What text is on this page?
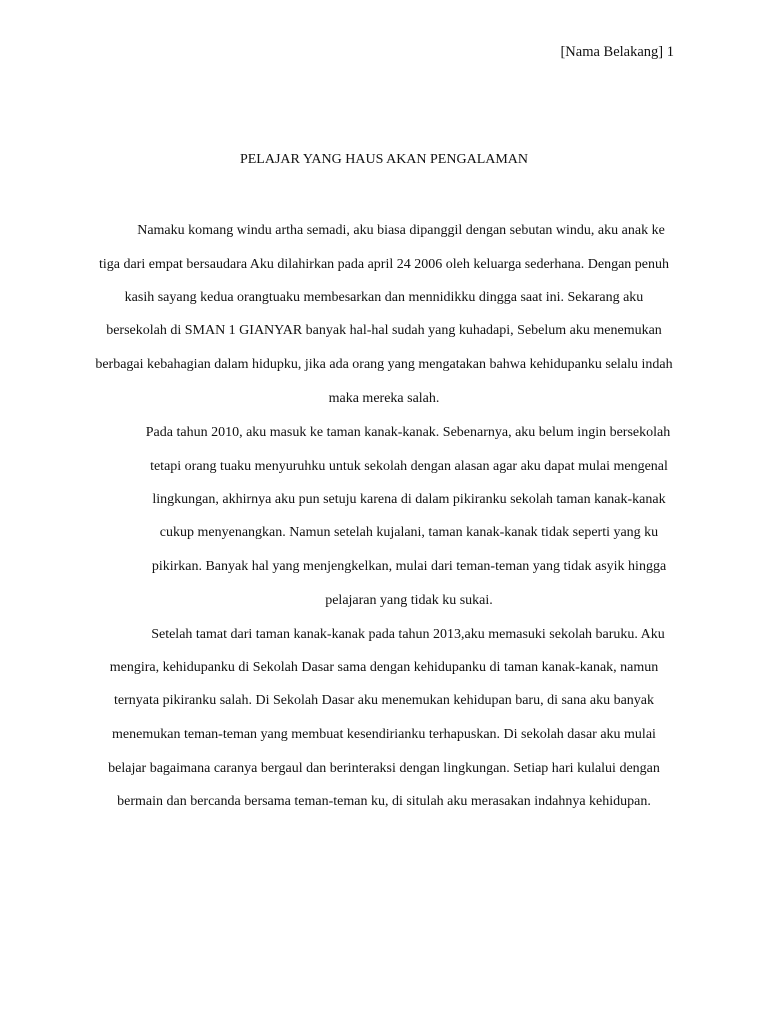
[Nama Belakang] 1
PELAJAR YANG HAUS AKAN PENGALAMAN
Namaku komang windu artha semadi, aku biasa dipanggil dengan sebutan windu, aku anak ke
tiga dari empat bersaudara Aku dilahirkan pada april 24 2006 oleh keluarga sederhana. Dengan penuh
kasih sayang kedua orangtuaku membesarkan dan mennidikku dingga saat ini. Sekarang aku
bersekolah di SMAN 1 GIANYAR banyak hal-hal sudah yang kuhadapi, Sebelum aku menemukan
berbagai kebahagian dalam hidupku, jika ada orang yang mengatakan bahwa kehidupanku selalu indah
maka mereka salah.
Pada tahun 2010, aku masuk ke taman kanak-kanak. Sebenarnya, aku belum ingin bersekolah
tetapi orang tuaku menyuruhku untuk sekolah dengan alasan agar aku dapat mulai mengenal
lingkungan, akhirnya aku pun setuju karena di dalam pikiranku sekolah taman kanak-kanak
cukup menyenangkan. Namun setelah kujalani, taman kanak-kanak tidak seperti yang ku
pikirkan. Banyak hal yang menjengkelkan, mulai dari teman-teman yang tidak asyik hingga
pelajaran yang tidak ku sukai.
Setelah tamat dari taman kanak-kanak pada tahun 2013,aku memasuki sekolah baruku. Aku
mengira, kehidupanku di Sekolah Dasar sama dengan kehidupanku di taman kanak-kanak, namun
ternyata pikiranku salah. Di Sekolah Dasar aku menemukan kehidupan baru, di sana aku banyak
menemukan teman-teman yang membuat kesendirianku terhapuskan. Di sekolah dasar aku mulai
belajar bagaimana caranya bergaul dan berinteraksi dengan lingkungan. Setiap hari kulalui dengan
bermain dan bercanda bersama teman-teman ku, di situlah aku merasakan indahnya kehidupan.
